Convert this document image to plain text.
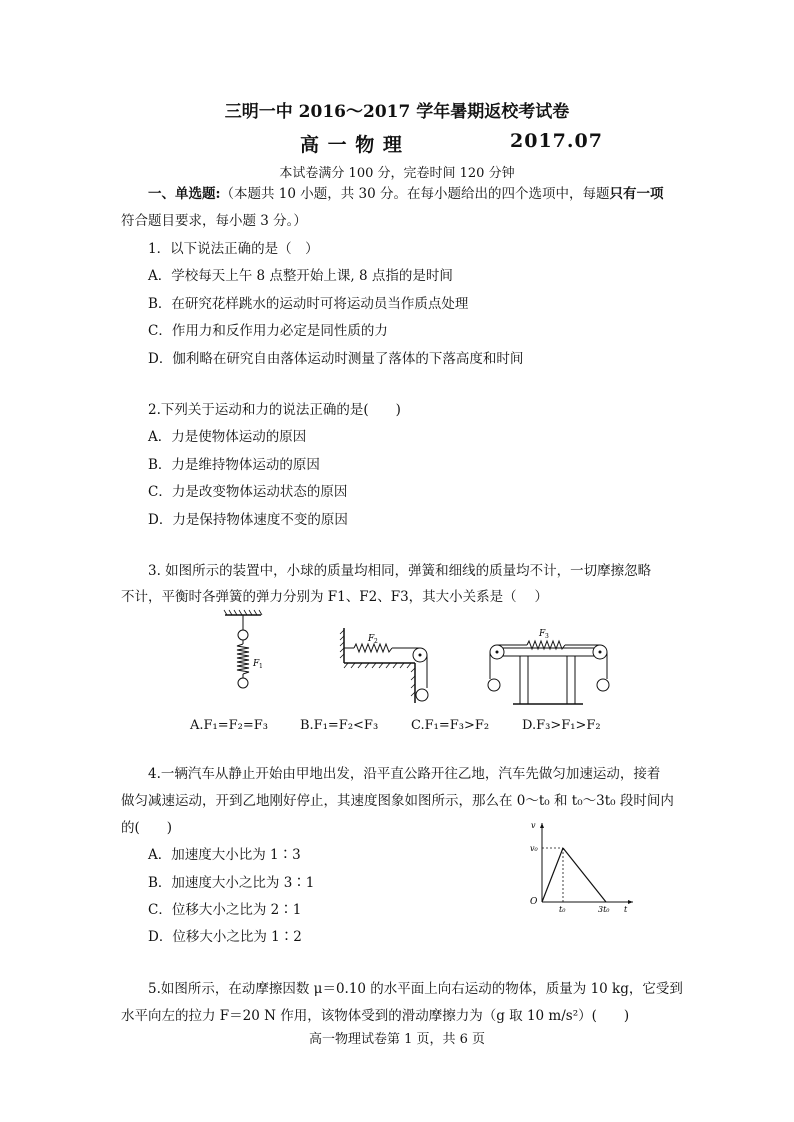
三明一中 2016～2017 学年暑期返校考试卷
高 一 物 理	2017.07
本试卷满分 100 分，完卷时间 120 分钟
一、单选题:（本题共 10 小题，共 30 分。在每小题给出的四个选项中，每题只有一项
符合题目要求，每小题 3 分。）
1．以下说法正确的是（　）
A．学校每天上午 8 点整开始上课, 8 点指的是时间
B．在研究花样跳水的运动时可将运动员当作质点处理
C．作用力和反作用力必定是同性质的力
D．伽利略在研究自由落体运动时测量了落体的下落高度和时间
2.下列关于运动和力的说法正确的是(　　)
A．力是使物体运动的原因
B．力是维持物体运动的原因
C．力是改变物体运动状态的原因
D．力是保持物体速度不变的原因
3. 如图所示的装置中，小球的质量均相同，弹簧和细线的质量均不计，一切摩擦忽略
不计，平衡时各弹簧的弹力分别为 F1、F2、F3，其大小关系是（　 ）
F 1
F 2
F 3
A.F₁=F₂=F₃ B.F₁=F₂<F₃	C.F₁=F₃>F₂	D.F₃>F₁>F₂
4.一辆汽车从静止开始由甲地出发，沿平直公路开往乙地，汽车先做匀加速运动，接着
做匀减速运动，开到乙地刚好停止，其速度图象如图所示，那么在 0～t₀ 和 t₀～3t₀ 段时间内
的(　　)
A．加速度大小比为 1∶3
B．加速度大小之比为 3∶1
C．位移大小之比为 2∶1
D．位移大小之比为 1∶2
v
v₀
O
t₀	3t₀ t
5.如图所示，在动摩擦因数 μ＝0.10 的水平面上向右运动的物体，质量为 10 kg，它受到
水平向左的拉力 F＝20 N 作用，该物体受到的滑动摩擦力为（g 取 10 m/s²）(　　)
高一物理试卷第 1 页，共 6 页
